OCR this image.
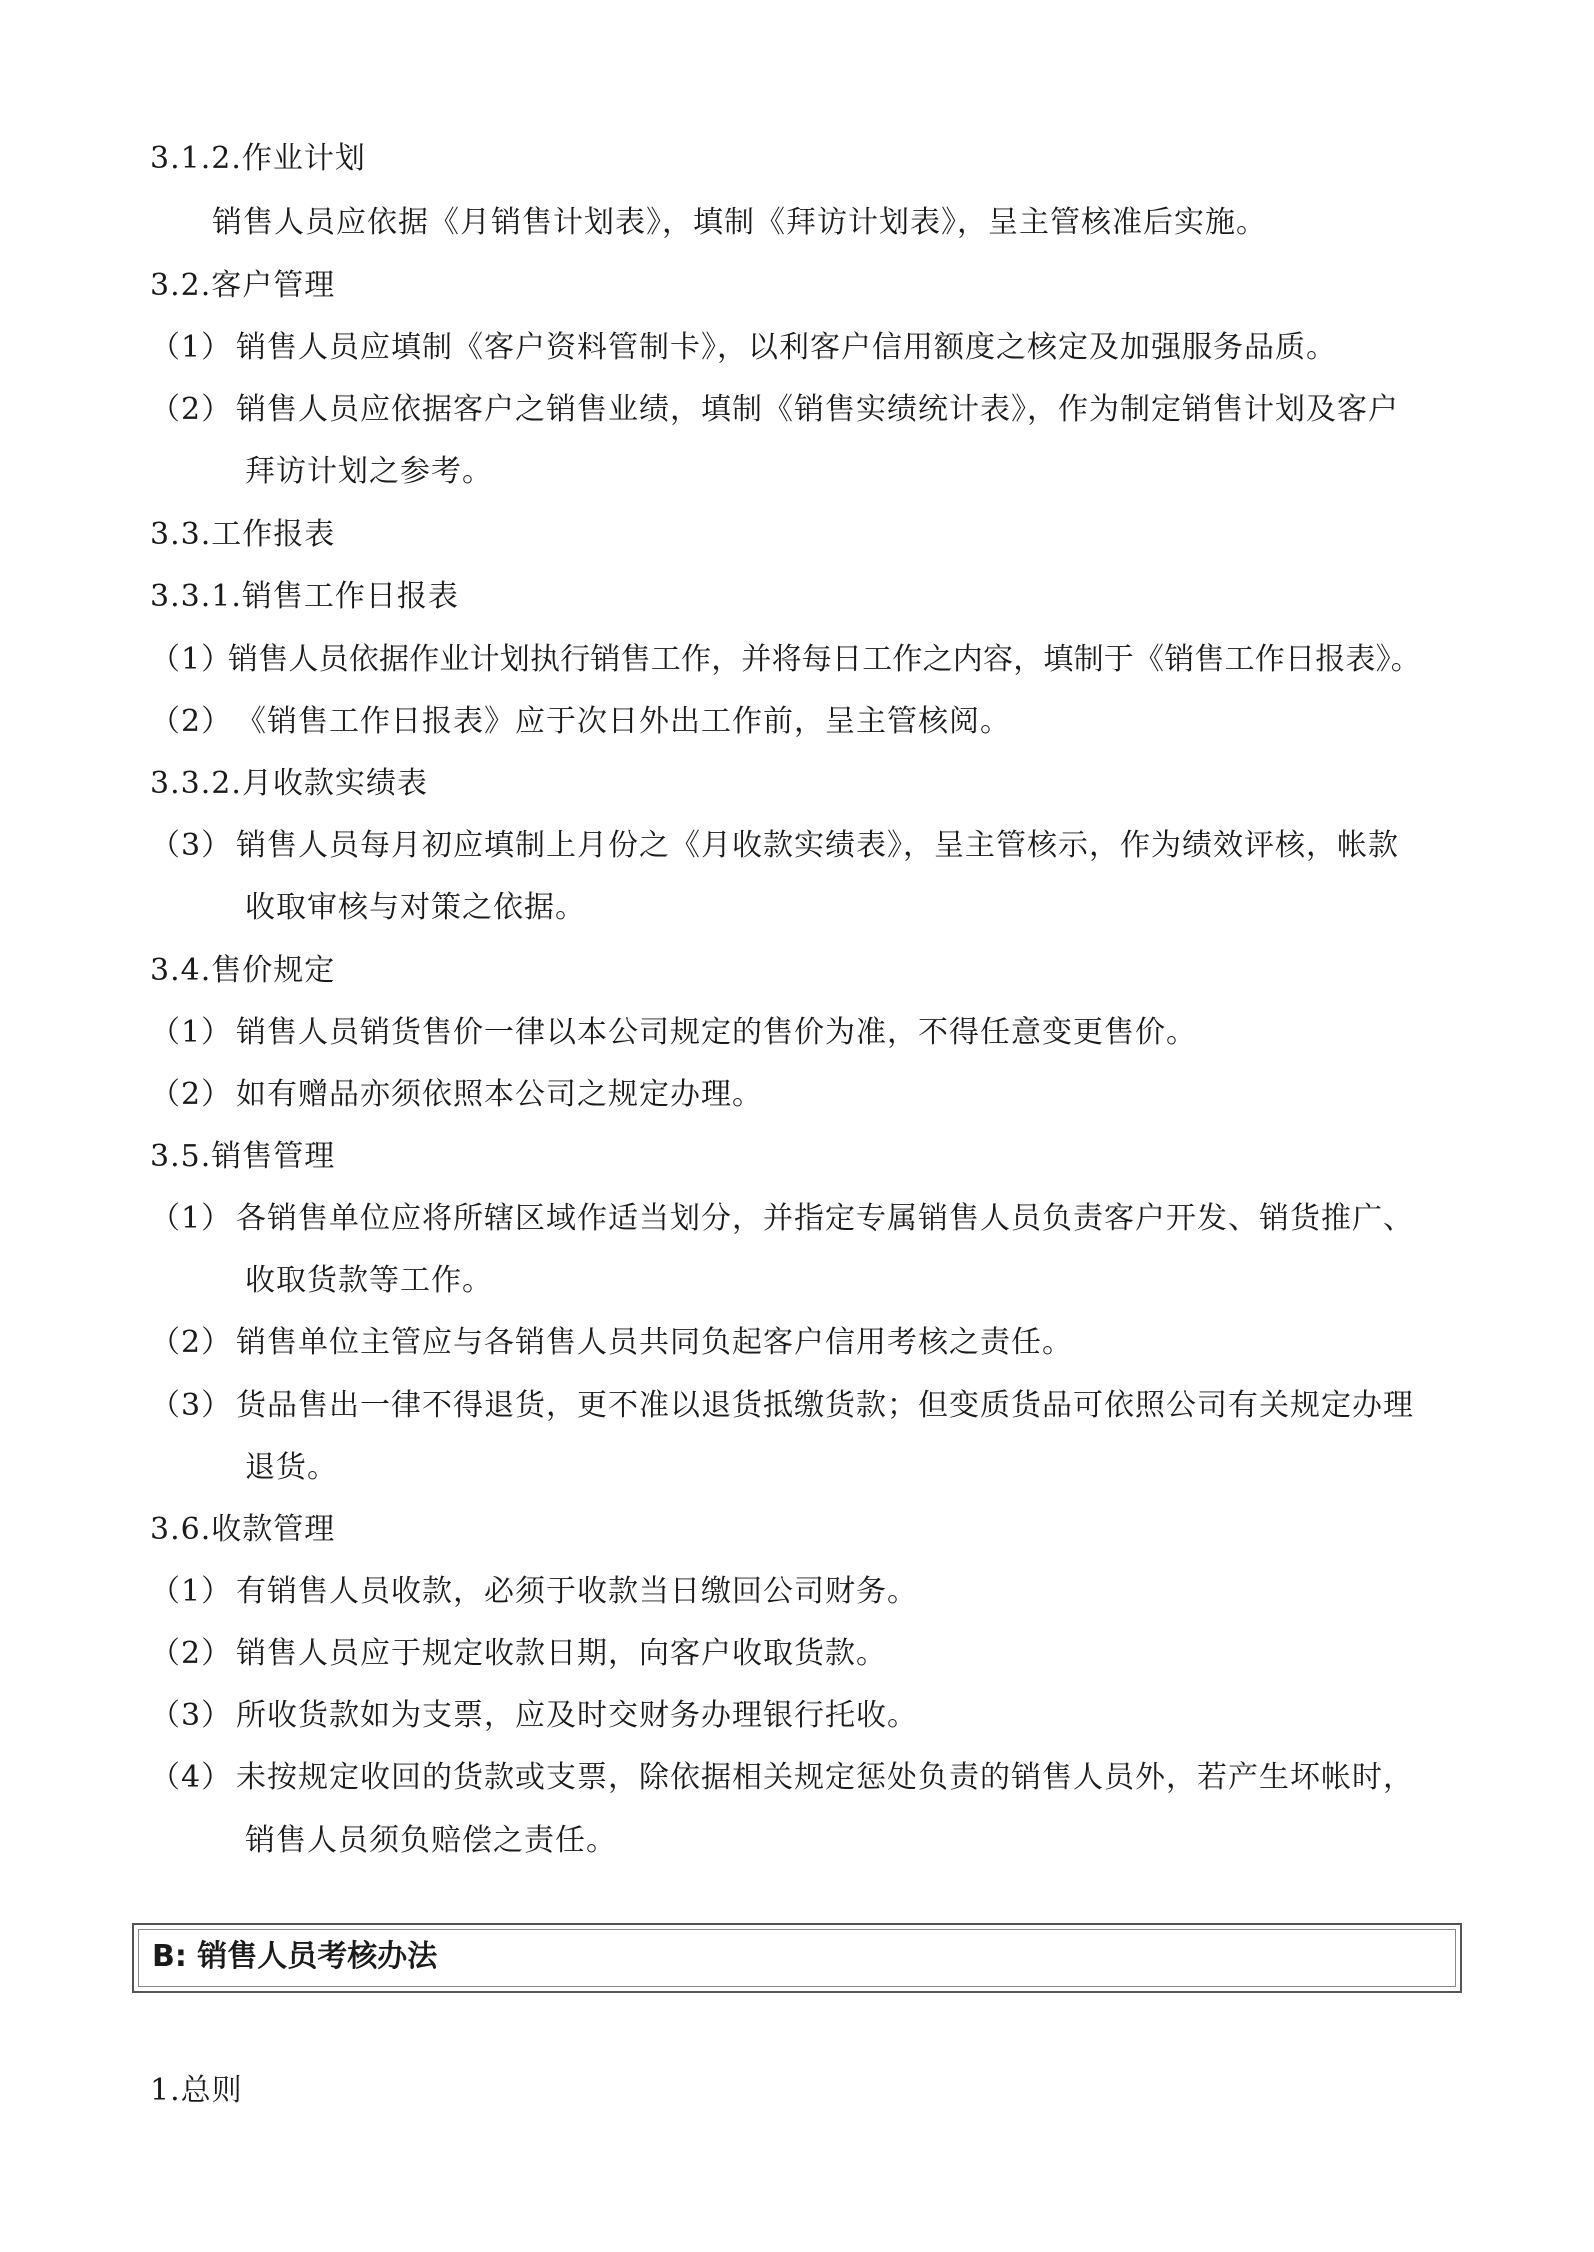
3.1.2.作业计划
销售人员应依据《月销售计划表》，填制《拜访计划表》，呈主管核准后实施。
3.2.客户管理
（1） 销售人员应填制《客户资料管制卡》，以利客户信用额度之核定及加强服务品质。
（2） 销售人员应依据客户之销售业绩，填制《销售实绩统计表》，作为制定销售计划及客户
拜访计划之参考。
3.3.工作报表
3.3.1.销售工作日报表
（1）销售人员依据作业计划执行销售工作，并将每日工作之内容，填制于《销售工作日报表》。
（2） 《销售工作日报表》应于次日外出工作前，呈主管核阅。
3.3.2.月收款实绩表
（3） 销售人员每月初应填制上月份之《月收款实绩表》，呈主管核示，作为绩效评核，帐款
收取审核与对策之依据。
3.4.售价规定
（1） 销售人员销货售价一律以本公司规定的售价为准，不得任意变更售价。
（2） 如有赠品亦须依照本公司之规定办理。
3.5.销售管理
（1） 各销售单位应将所辖区域作适当划分，并指定专属销售人员负责客户开发、销货推广、
收取货款等工作。
（2） 销售单位主管应与各销售人员共同负起客户信用考核之责任。
（3） 货品售出一律不得退货，更不准以退货抵缴货款；但变质货品可依照公司有关规定办理
退货。
3.6.收款管理
（1） 有销售人员收款，必须于收款当日缴回公司财务。
（2） 销售人员应于规定收款日期，向客户收取货款。
（3） 所收货款如为支票，应及时交财务办理银行托收。
（4） 未按规定收回的货款或支票，除依据相关规定惩处负责的销售人员外，若产生坏帐时，
销售人员须负赔偿之责任。
B: 销售人员考核办法
1.总则
